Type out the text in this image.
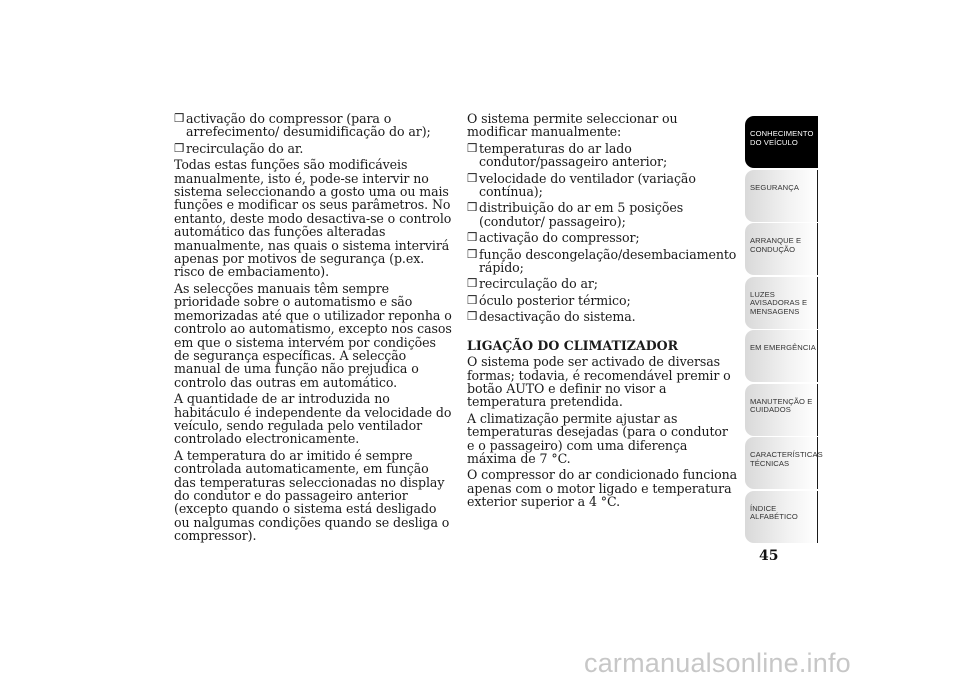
❒ activação do compressor (para o arrefecimento/ desumidificação do ar);
❒ recirculação do ar.

Todas estas funções são modificáveis manualmente, isto é, pode-se intervir no sistema seleccionando a gosto uma ou mais funções e modificar os seus parâmetros. No entanto, deste modo desactiva-se o controlo automático das funções alteradas manualmente, nas quais o sistema intervirá apenas por motivos de segurança (p.ex. risco de embaciamento).

As selecções manuais têm sempre prioridade sobre o automatismo e são memorizadas até que o utilizador reponha o controlo ao automatismo, excepto nos casos em que o sistema intervém por condições de segurança específicas. A selecção manual de uma função não prejudica o controlo das outras em automático.

A quantidade de ar introduzida no habitáculo é independente da velocidade do veículo, sendo regulada pelo ventilador controlado electronicamente.

A temperatura do ar imitido é sempre controlada automaticamente, em função das temperaturas seleccionadas no display do condutor e do passageiro anterior (excepto quando o sistema está desligado ou nalgumas condições quando se desliga o compressor).

O sistema permite seleccionar ou modificar manualmente:

❒ temperaturas do ar lado condutor/passageiro anterior;
❒ velocidade do ventilador (variação contínua);
❒ distribuição do ar em 5 posições (condutor/ passageiro);
❒ activação do compressor;
❒ função descongelação/desembaciamento rápido;
❒ recirculação do ar;
❒ óculo posterior térmico;
❒ desactivação do sistema.
LIGAÇÃO DO CLIMATIZADOR

O sistema pode ser activado de diversas formas; todavia, é recomendável premir o botão AUTO e definir no visor a temperatura pretendida.

A climatização permite ajustar as temperaturas desejadas (para o condutor e o passageiro) com uma diferença máxima de 7 °C.

O compressor do ar condicionado funciona apenas com o motor ligado e temperatura exterior superior a 4 °C.

CONHECIMENTO DO VEÍCULO
SEGURANÇA
ARRANQUE E CONDUÇÃO
LUZES AVISADORAS E MENSAGENS
EM EMERGÊNCIA
MANUTENÇÃO E CUIDADOS
CARACTERÍSTICAS TÉCNICAS
ÍNDICE ALFABÉTICO
45
carmanualsonline.info
